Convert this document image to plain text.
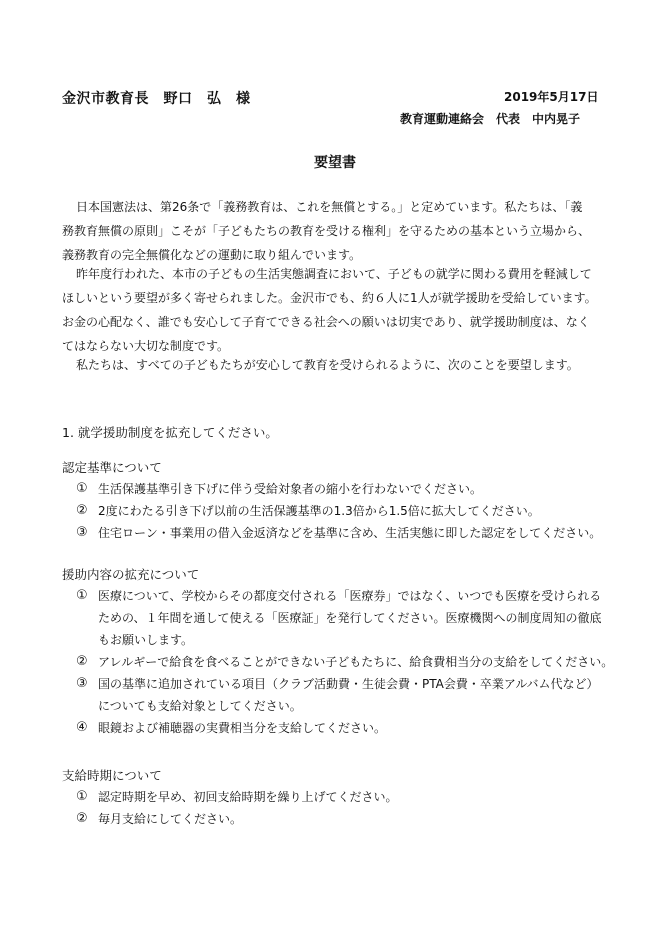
金沢市教育長　野口　弘　様	2019年5月17日
教育運動連絡会　代表　中内晃子
要望書
日本国憲法は、第26条で「義務教育は、これを無償とする。」と定めています。私たちは、「義
務教育無償の原則」こそが「子どもたちの教育を受ける権利」を守るための基本という立場から、
義務教育の完全無償化などの運動に取り組んでいます。
昨年度行われた、本市の子どもの生活実態調査において、子どもの就学に関わる費用を軽減して
ほしいという要望が多く寄せられました。金沢市でも、約６人に1人が就学援助を受給しています。
お金の心配なく、誰でも安心して子育てできる社会への願いは切実であり、就学援助制度は、なく
てはならない大切な制度です。
私たちは、すべての子どもたちが安心して教育を受けられるように、次のことを要望します。
1. 就学援助制度を拡充してください。
認定基準について
① 生活保護基準引き下げに伴う受給対象者の縮小を行わないでください。
② 2度にわたる引き下げ以前の生活保護基準の1.3倍から1.5倍に拡大してください。
③ 住宅ローン・事業用の借入金返済などを基準に含め、生活実態に即した認定をしてください。
援助内容の拡充について
① 医療について、学校からその都度交付される「医療券」ではなく、いつでも医療を受けられる
ための、１年間を通して使える「医療証」を発行してください。医療機関への制度周知の徹底
もお願いします。
② アレルギーで給食を食べることができない子どもたちに、給食費相当分の支給をしてください。
③ 国の基準に追加されている項目（クラブ活動費・生徒会費・PTA会費・卒業アルバム代など）
についても支給対象としてください。
④ 眼鏡および補聴器の実費相当分を支給してください。
支給時期について
① 認定時期を早め、初回支給時期を繰り上げてください。
② 毎月支給にしてください。
